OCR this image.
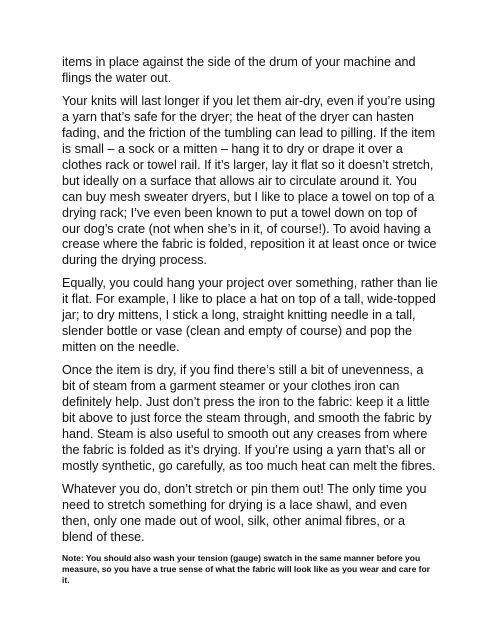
items in place against the side of the drum of your machine and flings the water out.

Your knits will last longer if you let them air-dry, even if you’re using a yarn that’s safe for the dryer; the heat of the dryer can hasten fading, and the friction of the tumbling can lead to pilling. If the item is small – a sock or a mitten – hang it to dry or drape it over a clothes rack or towel rail. If it’s larger, lay it flat so it doesn’t stretch, but ideally on a surface that allows air to circulate around it. You can buy mesh sweater dryers, but I like to place a towel on top of a drying rack; I’ve even been known to put a towel down on top of our dog’s crate (not when she’s in it, of course!). To avoid having a crease where the fabric is folded, reposition it at least once or twice during the drying process.

Equally, you could hang your project over something, rather than lie it flat. For example, I like to place a hat on top of a tall, wide-topped jar; to dry mittens, I stick a long, straight knitting needle in a tall, slender bottle or vase (clean and empty of course) and pop the mitten on the needle.

Once the item is dry, if you find there’s still a bit of unevenness, a bit of steam from a garment steamer or your clothes iron can definitely help. Just don’t press the iron to the fabric: keep it a little bit above to just force the steam through, and smooth the fabric by hand. Steam is also useful to smooth out any creases from where the fabric is folded as it’s drying. If you’re using a yarn that’s all or mostly synthetic, go carefully, as too much heat can melt the fibres.

Whatever you do, don’t stretch or pin them out! The only time you need to stretch something for drying is a lace shawl, and even then, only one made out of wool, silk, other animal fibres, or a blend of these.

Note: You should also wash your tension (gauge) swatch in the same manner before you measure, so you have a true sense of what the fabric will look like as you wear and care for it.
